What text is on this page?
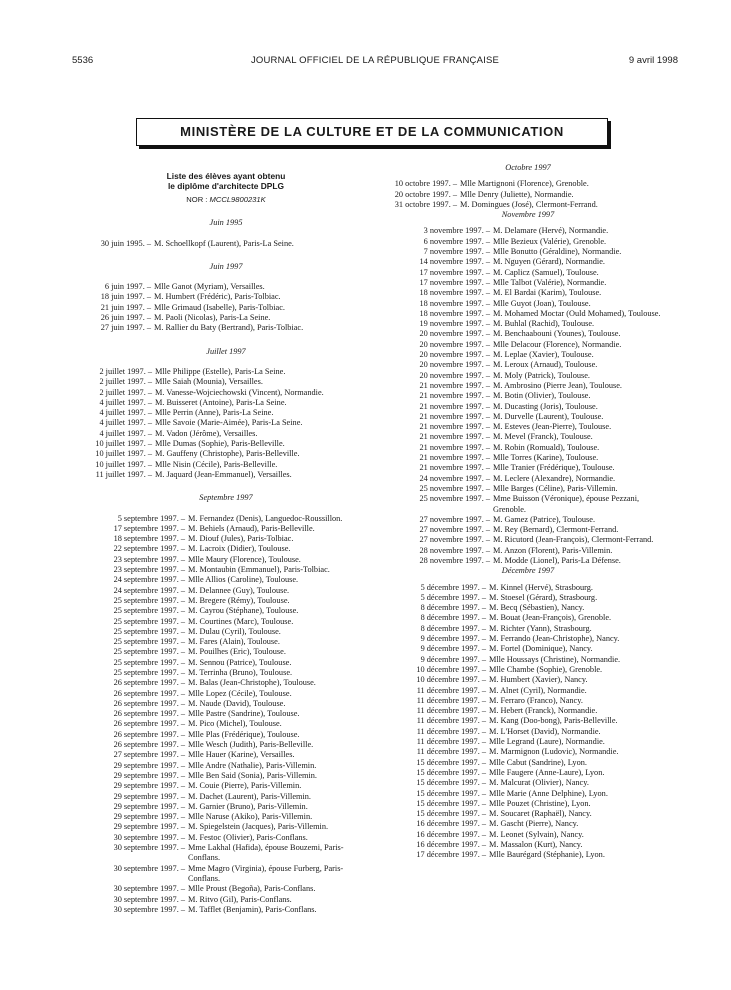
5536	JOURNAL OFFICIEL DE LA RÉPUBLIQUE FRANÇAISE	9 avril 1998
MINISTÈRE DE LA CULTURE ET DE LA COMMUNICATION
Liste des élèves ayant obtenu
le diplôme d'architecte DPLG
NOR : MCCL9800231K
Juin 1995
30 juin 1995. – M. Schoellkopf (Laurent), Paris-La Seine.
Juin 1997
6 juin 1997. – Mlle Ganot (Myriam), Versailles.
18 juin 1997. – M. Humbert (Frédéric), Paris-Tolbiac.
21 juin 1997. – Mlle Grimaud (Isabelle), Paris-Tolbiac.
26 juin 1997. – M. Paoli (Nicolas), Paris-La Seine.
27 juin 1997. – M. Rallier du Baty (Bertrand), Paris-Tolbiac.
Juillet 1997
2 juillet 1997. – Mlle Philippe (Estelle), Paris-La Seine.
2 juillet 1997. – Mlle Saiah (Mounia), Versailles.
2 juillet 1997. – M. Vanesse-Wojciechowski (Vincent), Normandie.
4 juillet 1997. – M. Buisseret (Antoine), Paris-La Seine.
4 juillet 1997. – Mlle Perrin (Anne), Paris-La Seine.
4 juillet 1997. – Mlle Savoie (Marie-Aimée), Paris-La Seine.
4 juillet 1997. – M. Vadon (Jérôme), Versailles.
10 juillet 1997. – Mlle Dumas (Sophie), Paris-Belleville.
10 juillet 1997. – M. Gauffeny (Christophe), Paris-Belleville.
10 juillet 1997. – Mlle Nisin (Cécile), Paris-Belleville.
11 juillet 1997. – M. Jaquard (Jean-Emmanuel), Versailles.
Septembre 1997
5 septembre 1997. – M. Fernandez (Denis), Languedoc-Roussillon.
17 septembre 1997. – M. Behiels (Arnaud), Paris-Belleville.
18 septembre 1997. – M. Diouf (Jules), Paris-Tolbiac.
22 septembre 1997. – M. Lacroix (Didier), Toulouse.
23 septembre 1997. – Mlle Maury (Florence), Toulouse.
23 septembre 1997. – M. Montaubin (Emmanuel), Paris-Tolbiac.
24 septembre 1997. – Mlle Allios (Caroline), Toulouse.
24 septembre 1997. – M. Delannee (Guy), Toulouse.
25 septembre 1997. – M. Bregere (Rémy), Toulouse.
25 septembre 1997. – M. Cayrou (Stéphane), Toulouse.
25 septembre 1997. – M. Courtines (Marc), Toulouse.
25 septembre 1997. – M. Dulau (Cyril), Toulouse.
25 septembre 1997. – M. Fares (Alain), Toulouse.
25 septembre 1997. – M. Pouilhes (Eric), Toulouse.
25 septembre 1997. – M. Sennou (Patrice), Toulouse.
25 septembre 1997. – M. Terrinha (Bruno), Toulouse.
26 septembre 1997. – M. Balas (Jean-Christophe), Toulouse.
26 septembre 1997. – Mlle Lopez (Cécile), Toulouse.
26 septembre 1997. – M. Naude (David), Toulouse.
26 septembre 1997. – Mlle Pastre (Sandrine), Toulouse.
26 septembre 1997. – M. Pico (Michel), Toulouse.
26 septembre 1997. – Mlle Plas (Frédérique), Toulouse.
26 septembre 1997. – Mlle Wesch (Judith), Paris-Belleville.
27 septembre 1997. – Mlle Hauer (Karine), Versailles.
29 septembre 1997. – Mlle Andre (Nathalie), Paris-Villemin.
29 septembre 1997. – Mlle Ben Said (Sonia), Paris-Villemin.
29 septembre 1997. – M. Couie (Pierre), Paris-Villemin.
29 septembre 1997. – M. Dachet (Laurent), Paris-Villemin.
29 septembre 1997. – M. Garnier (Bruno), Paris-Villemin.
29 septembre 1997. – Mlle Naruse (Akiko), Paris-Villemin.
29 septembre 1997. – M. Spiegelstein (Jacques), Paris-Villemin.
30 septembre 1997. – M. Festoc (Olivier), Paris-Conflans.
30 septembre 1997. – Mme Lakhal (Hafida), épouse Bouzemi, Paris-Conflans.
30 septembre 1997. – Mme Magro (Virginia), épouse Furberg, Paris-Conflans.
30 septembre 1997. – Mlle Proust (Begoña), Paris-Conflans.
30 septembre 1997. – M. Ritvo (Gil), Paris-Conflans.
30 septembre 1997. – M. Tafflet (Benjamin), Paris-Conflans.
Octobre 1997
10 octobre 1997. – Mlle Martignoni (Florence), Grenoble.
20 octobre 1997. – Mlle Denry (Juliette), Normandie.
31 octobre 1997. – M. Domingues (José), Clermont-Ferrand.
Novembre 1997
3 novembre 1997. – M. Delamare (Hervé), Normandie.
6 novembre 1997. – Mlle Bezieux (Valérie), Grenoble.
7 novembre 1997. – Mlle Bonutto (Géraldine), Normandie.
14 novembre 1997. – M. Nguyen (Gérard), Normandie.
17 novembre 1997. – M. Caplicz (Samuel), Toulouse.
17 novembre 1997. – Mlle Talbot (Valérie), Normandie.
18 novembre 1997. – M. El Bardai (Karim), Toulouse.
18 novembre 1997. – Mlle Guyot (Joan), Toulouse.
18 novembre 1997. – M. Mohamed Moctar (Ould Mohamed), Toulouse.
19 novembre 1997. – M. Buhlal (Rachid), Toulouse.
20 novembre 1997. – M. Benchaabouni (Younes), Toulouse.
20 novembre 1997. – Mlle Delacour (Florence), Normandie.
20 novembre 1997. – M. Leplae (Xavier), Toulouse.
20 novembre 1997. – M. Leroux (Arnaud), Toulouse.
20 novembre 1997. – M. Moly (Patrick), Toulouse.
21 novembre 1997. – M. Ambrosino (Pierre Jean), Toulouse.
21 novembre 1997. – M. Botin (Olivier), Toulouse.
21 novembre 1997. – M. Ducasting (Joris), Toulouse.
21 novembre 1997. – M. Durvelle (Laurent), Toulouse.
21 novembre 1997. – M. Esteves (Jean-Pierre), Toulouse.
21 novembre 1997. – M. Mevel (Franck), Toulouse.
21 novembre 1997. – M. Robin (Romuald), Toulouse.
21 novembre 1997. – Mlle Torres (Karine), Toulouse.
21 novembre 1997. – Mlle Tranier (Frédérique), Toulouse.
24 novembre 1997. – M. Leclere (Alexandre), Normandie.
25 novembre 1997. – Mlle Barges (Céline), Paris-Villemin.
25 novembre 1997. – Mme Buisson (Véronique), épouse Pezzani, Grenoble.
27 novembre 1997. – M. Gamez (Patrice), Toulouse.
27 novembre 1997. – M. Rey (Bernard), Clermont-Ferrand.
27 novembre 1997. – M. Ricutord (Jean-François), Clermont-Ferrand.
28 novembre 1997. – M. Anzon (Florent), Paris-Villemin.
28 novembre 1997. – M. Modde (Lionel), Paris-La Défense.
Décembre 1997
5 décembre 1997. – M. Kinnel (Hervé), Strasbourg.
5 décembre 1997. – M. Stoesel (Gérard), Strasbourg.
8 décembre 1997. – M. Becq (Sébastien), Nancy.
8 décembre 1997. – M. Bouat (Jean-François), Grenoble.
8 décembre 1997. – M. Richter (Yann), Strasbourg.
9 décembre 1997. – M. Ferrando (Jean-Christophe), Nancy.
9 décembre 1997. – M. Fortel (Dominique), Nancy.
9 décembre 1997. – Mlle Houssays (Christine), Normandie.
10 décembre 1997. – Mlle Chambe (Sophie), Grenoble.
10 décembre 1997. – M. Humbert (Xavier), Nancy.
11 décembre 1997. – M. Alnet (Cyril), Normandie.
11 décembre 1997. – M. Ferraro (Franco), Nancy.
11 décembre 1997. – M. Hebert (Franck), Normandie.
11 décembre 1997. – M. Kang (Doo-bong), Paris-Belleville.
11 décembre 1997. – M. L'Horset (David), Normandie.
11 décembre 1997. – Mlle Legrand (Laure), Normandie.
11 décembre 1997. – M. Marmignon (Ludovic), Normandie.
15 décembre 1997. – Mlle Cabut (Sandrine), Lyon.
15 décembre 1997. – Mlle Faugere (Anne-Laure), Lyon.
15 décembre 1997. – M. Malcurat (Olivier), Nancy.
15 décembre 1997. – Mlle Marie (Anne Delphine), Lyon.
15 décembre 1997. – Mlle Pouzet (Christine), Lyon.
15 décembre 1997. – M. Soucaret (Raphaël), Nancy.
16 décembre 1997. – M. Gascht (Pierre), Nancy.
16 décembre 1997. – M. Leonet (Sylvain), Nancy.
16 décembre 1997. – M. Massalon (Kurt), Nancy.
17 décembre 1997. – Mlle Baurégard (Stéphanie), Lyon.
